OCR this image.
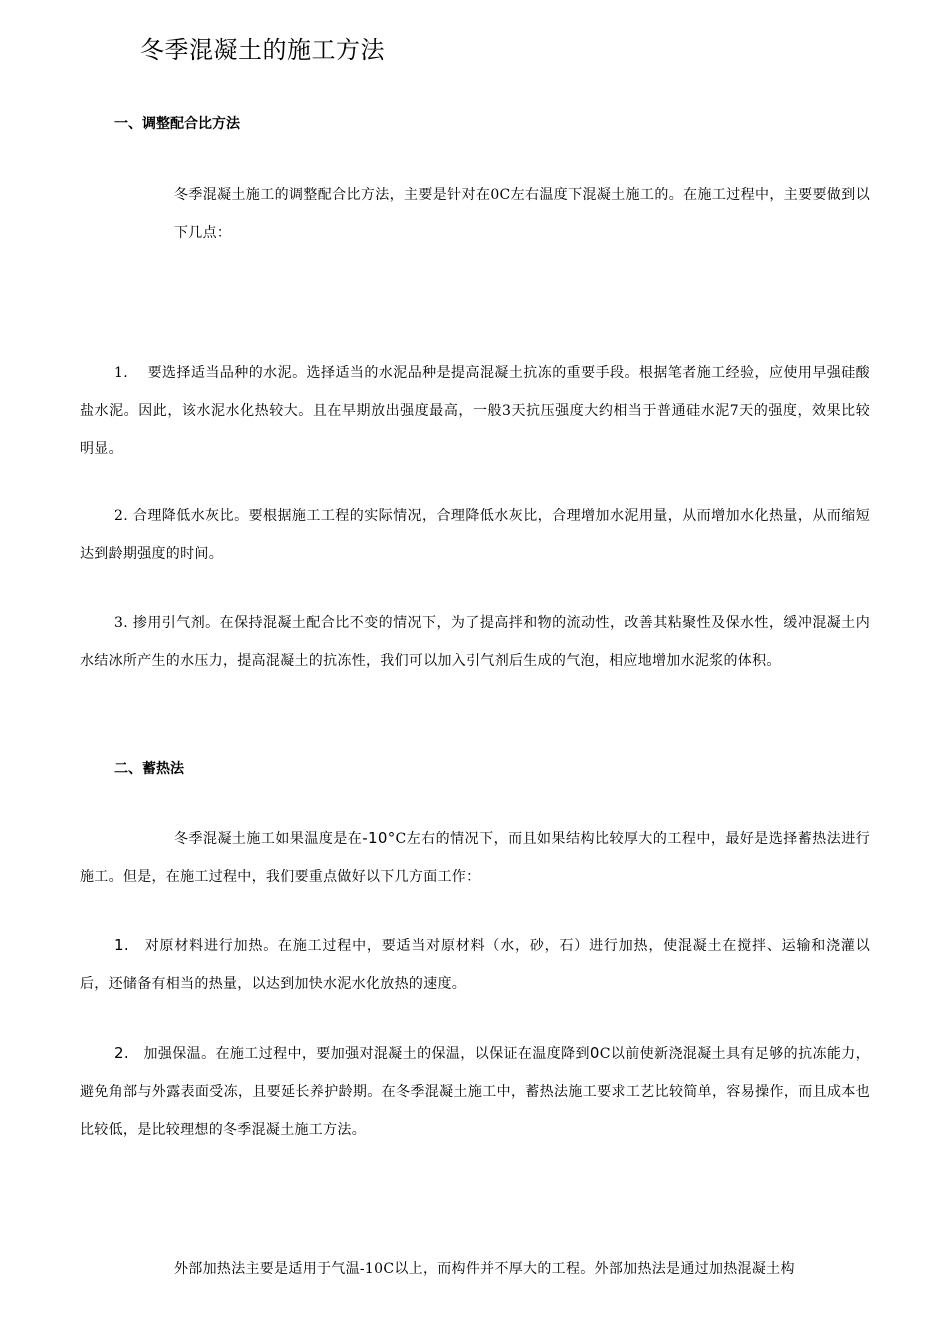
冬季混凝土的施工方法
一、调整配合比方法

冬季混凝土施工的调整配合比方法，主要是针对在0C左右温度下混凝土施工的。在施工过程中，主要要做到以下几点：

1. 要选择适当品种的水泥。选择适当的水泥品种是提高混凝土抗冻的重要手段。根据笔者施工经验，应使用早强硅酸盐水泥。因此，该水泥水化热较大。且在早期放出强度最高，一般3天抗压强度大约相当于普通硅水泥7天的强度，效果比较明显。

2. 合理降低水灰比。要根据施工工程的实际情况，合理降低水灰比，合理增加水泥用量，从而增加水化热量，从而缩短达到龄期强度的时间。

3. 掺用引气剂。在保持混凝土配合比不变的情况下，为了提高拌和物的流动性，改善其粘聚性及保水性，缓冲混凝土内水结冰所产生的水压力，提高混凝土的抗冻性，我们可以加入引气剂后生成的气泡，相应地增加水泥浆的体积。

二、蓄热法

冬季混凝土施工如果温度是在-10°C左右的情况下，而且如果结构比较厚大的工程中，最好是选择蓄热法进行施工。但是，在施工过程中，我们要重点做好以下几方面工作：

1. 对原材料进行加热。在施工过程中，要适当对原材料（水，砂，石）进行加热，使混凝土在搅拌、运输和浇灌以后，还储备有相当的热量，以达到加快水泥水化放热的速度。

2. 加强保温。在施工过程中，要加强对混凝土的保温，以保证在温度降到0C以前使新浇混凝土具有足够的抗冻能力，避免角部与外露表面受冻，且要延长养护龄期。在冬季混凝土施工中，蓄热法施工要求工艺比较简单，容易操作，而且成本也比较低，是比较理想的冬季混凝土施工方法。

外部加热法主要是适用于气温-10C以上，而构件并不厚大的工程。外部加热法是通过加热混凝土构
